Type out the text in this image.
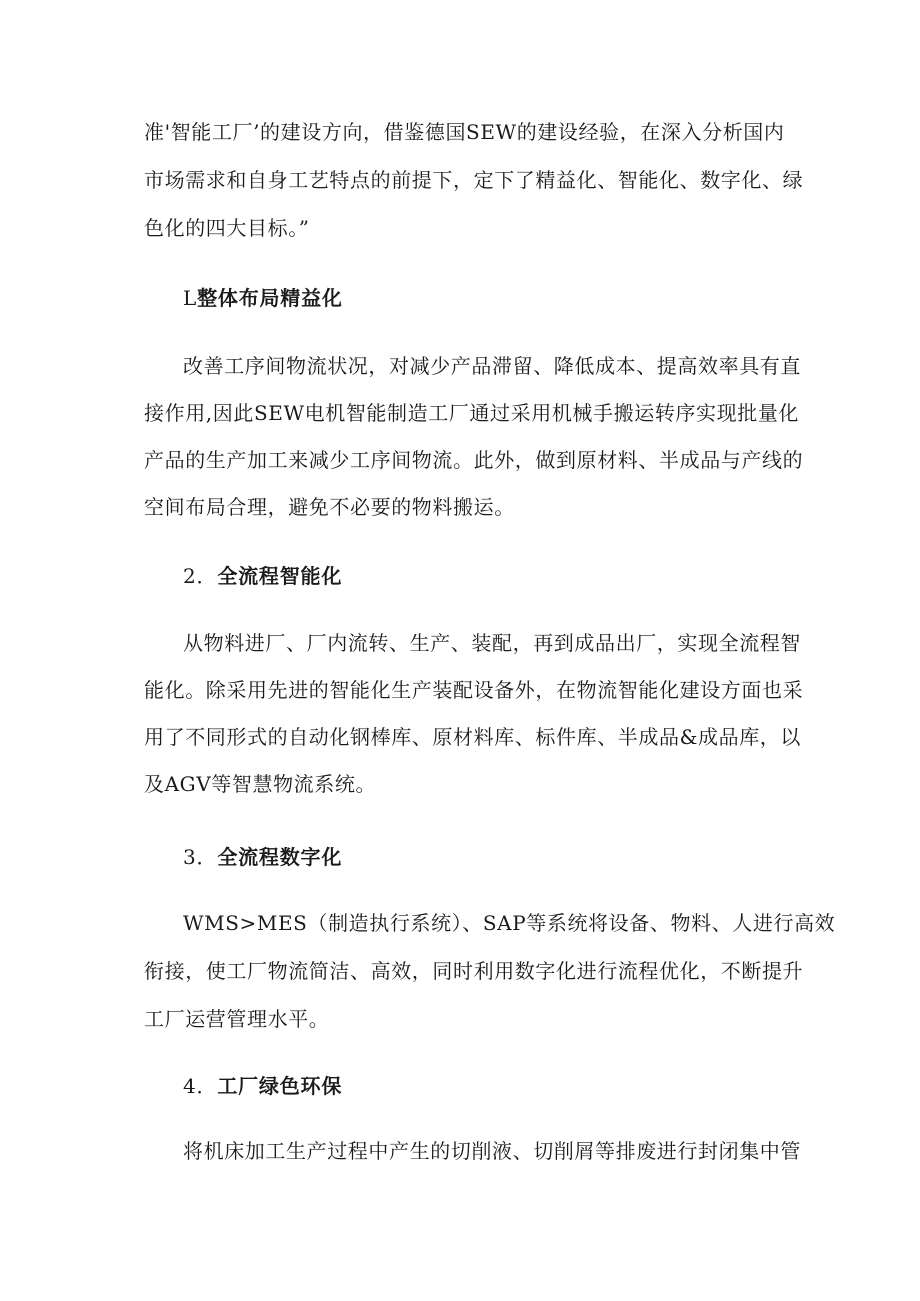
准'智能工厂’的建设方向，借鉴德国SEW的建设经验，在深入分析国内
市场需求和自身工艺特点的前提下，定下了精益化、智能化、数字化、绿
色化的四大目标。”
L整体布局精益化
改善工序间物流状况，对减少产品滞留、降低成本、提高效率具有直
接作用,因此SEW电机智能制造工厂通过采用机械手搬运转序实现批量化
产品的生产加工来减少工序间物流。此外，做到原材料、半成品与产线的
空间布局合理，避免不必要的物料搬运。
2．全流程智能化
从物料进厂、厂内流转、生产、装配，再到成品出厂，实现全流程智
能化。除采用先进的智能化生产装配设备外，在物流智能化建设方面也采
用了不同形式的自动化钢棒库、原材料库、标件库、半成品&成品库，以
及AGV等智慧物流系统。
3．全流程数字化
WMS>MES（制造执行系统）、SAP等系统将设备、物料、人进行高效
衔接，使工厂物流简洁、高效，同时利用数字化进行流程优化，不断提升
工厂运营管理水平。
4．工厂绿色环保
将机床加工生产过程中产生的切削液、切削屑等排废进行封闭集中管
